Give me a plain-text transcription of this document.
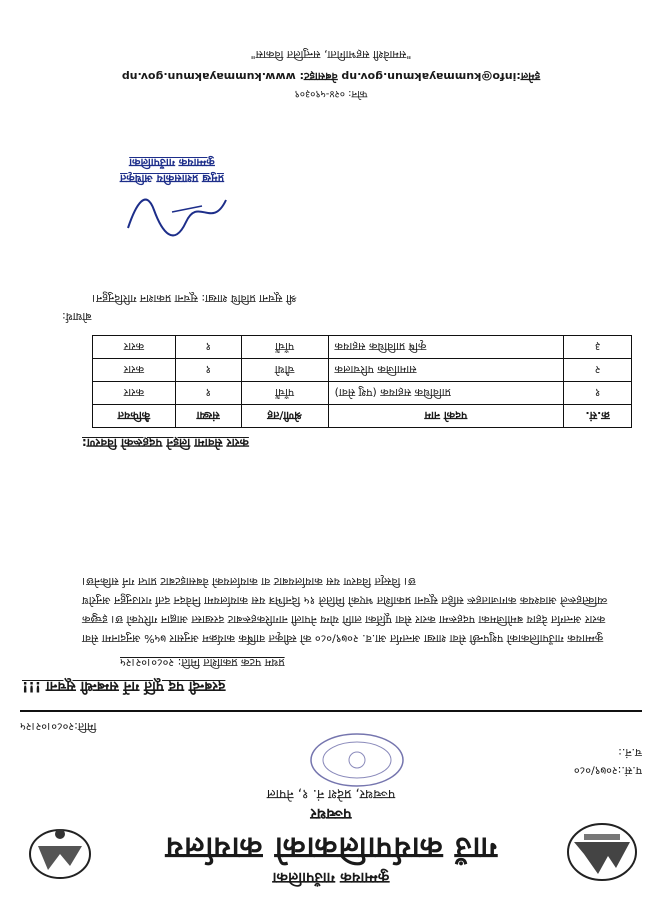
कुम्मायक गाउँपालिका
गाउँ कार्यपालिकाको कार्यालय
पञ्चथर
पञ्चथर, प्रदेश नं. १, नेपाल
प.सं.:२०७९/०८०
च.नं.:
मिति:२०८०।०२।२५
दरबन्दी पद पूर्ति गर्ने सम्बन्धी सूचना !!!
प्रथम पटक प्रकाशित मिति: २०८०।०२।२५
कुम्मायक गाउँपालिकाको पशुपन्छी सेवा शाखा अन्तर्गत आ.व. २०७९/०८० को स्वीकृत वार्षिक कार्यक्रम अनुसार ७५% अनुदानमा सेवा करार अन्तर्गत देहाय बमोजिमका पदहरूमा करार सेवा पूर्तिका लागि योग्य नेपाली नागरिकहरूबाट दरखास्त आह्वान गरिएको छ। इच्छुक व्यक्तिहरूले आवश्यक कागजातहरू सहित सूचना प्रकाशित भएको मितिले १५ दिनभित्र यस कार्यालयमा निवेदन दर्ता गराउनुहुन अनुरोध छ। विस्तृत विवरण यस कार्यालयबाट वा कार्यालयको वेबसाइटबाट प्राप्त गर्न सकिनेछ।
करार सेवामा लिइने पदहरूको विवरण:
क्र.सं.	पदको नाम	श्रेणी/तह	संख्या	कैफियत
१	प्राविधिक सहायक (पशु सेवा)	पाँचौं	१	करार
२	सामाजिक परिचालक	चौथो	१	करार
३	कृषि प्राविधिक सहायक	पाँचौं	१	करार
बोधार्थ:
श्री सूचना प्रविधि शाखा: सूचना प्रकाशन गरिदिनुहुन।
प्रमुख प्रशासकीय अधिकृत
कुम्मायक गाउँपालिका
फोन: ०२४-५९०३०९
इमेल:info@kummayakmun.gov.np वेबसाइट: www.kummayakmun.gov.np
"समावेशी सहभागिता, सन्तुलित विकास"
